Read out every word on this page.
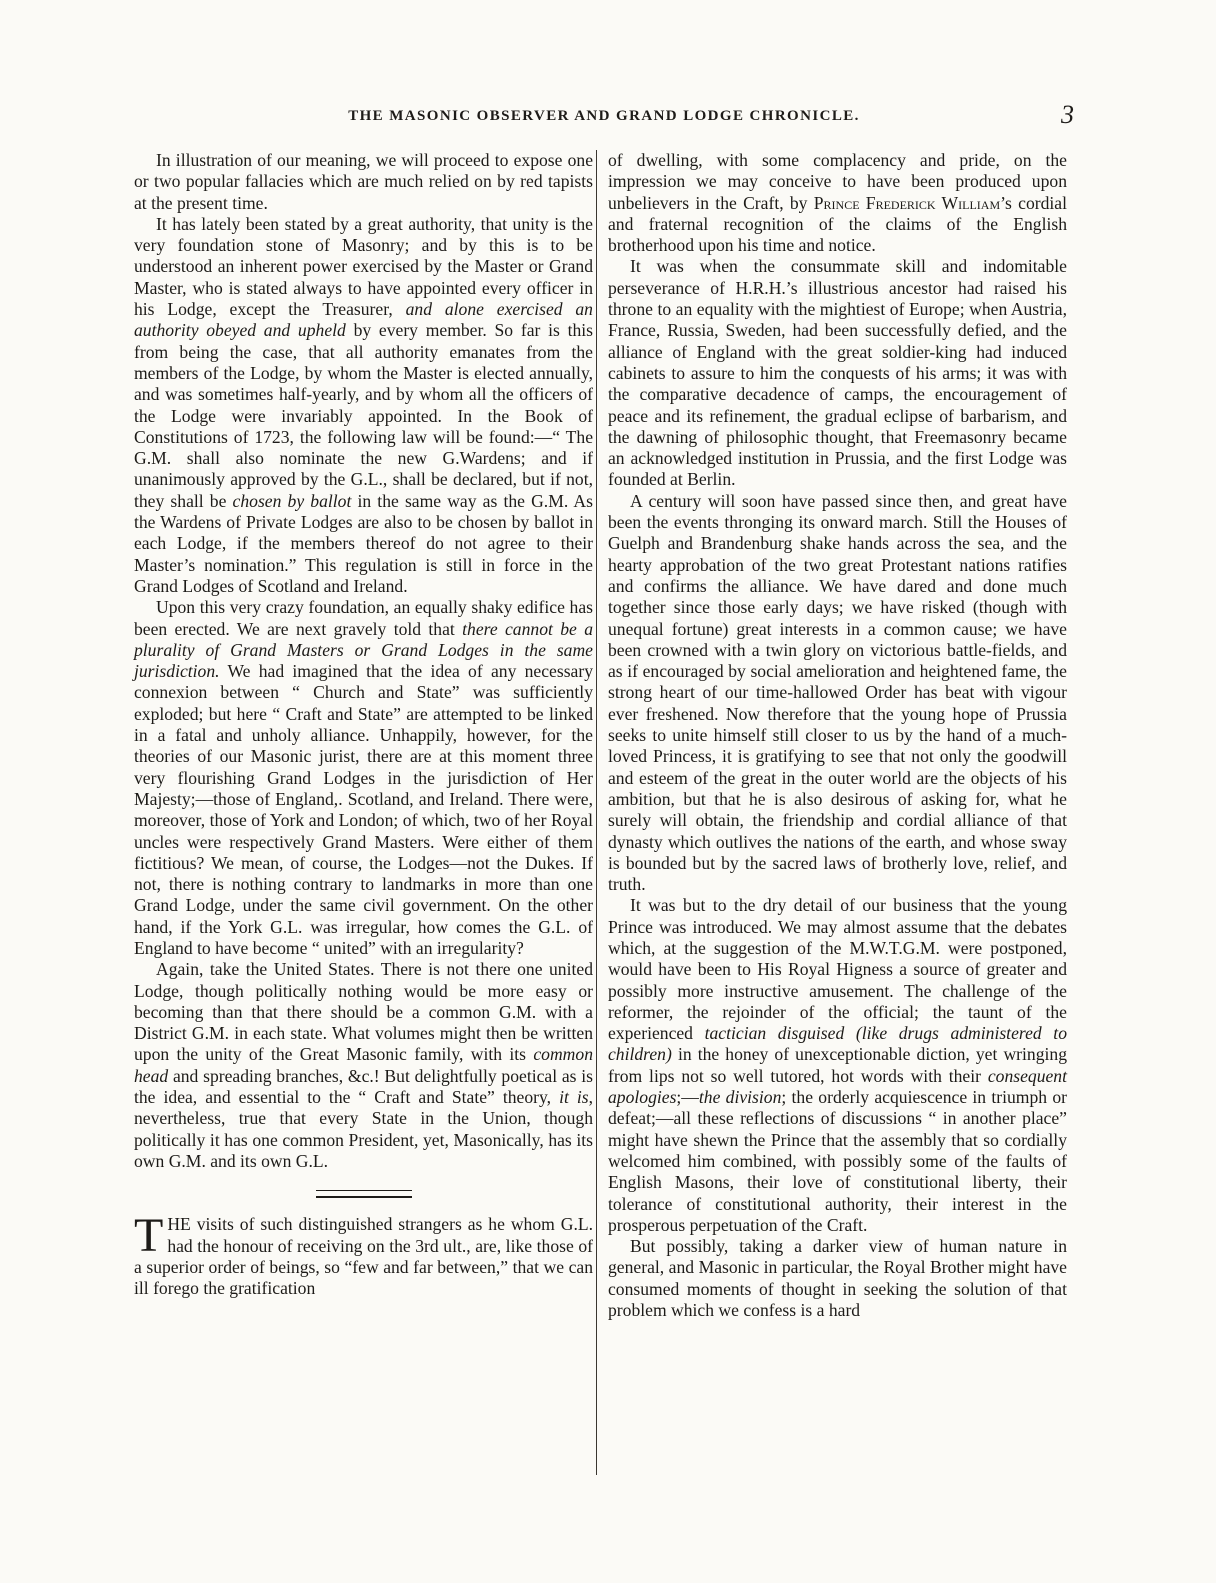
THE MASONIC OBSERVER AND GRAND LODGE CHRONICLE.	3

In illustration of our meaning, we will proceed to expose one or two popular fallacies which are much relied on by red tapists at the present time.

It has lately been stated by a great authority, that unity is the very foundation stone of Masonry; and by this is to be understood an inherent power exercised by the Master or Grand Master, who is stated always to have appointed every officer in his Lodge, except the Treasurer, and alone exercised an authority obeyed and upheld by every member. So far is this from being the case, that all authority emanates from the members of the Lodge, by whom the Master is elected annually, and was sometimes half-yearly, and by whom all the officers of the Lodge were invariably appointed. In the Book of Constitutions of 1723, the following law will be found:—“ The G.M. shall also nominate the new G.Wardens; and if unanimously approved by the G.L., shall be declared, but if not, they shall be chosen by ballot in the same way as the G.M. As the Wardens of Private Lodges are also to be chosen by ballot in each Lodge, if the members thereof do not agree to their Master’s nomination.” This regulation is still in force in the Grand Lodges of Scotland and Ireland.

Upon this very crazy foundation, an equally shaky edifice has been erected. We are next gravely told that there cannot be a plurality of Grand Masters or Grand Lodges in the same jurisdiction. We had imagined that the idea of any necessary connexion between “ Church and State” was sufficiently exploded; but here “ Craft and State” are attempted to be linked in a fatal and unholy alliance. Unhappily, however, for the theories of our Masonic jurist, there are at this moment three very flourishing Grand Lodges in the jurisdiction of Her Majesty;—those of England,. Scotland, and Ireland. There were, moreover, those of York and London; of which, two of her Royal uncles were respectively Grand Masters. Were either of them fictitious? We mean, of course, the Lodges—not the Dukes. If not, there is nothing contrary to landmarks in more than one Grand Lodge, under the same civil government. On the other hand, if the York G.L. was irregular, how comes the G.L. of England to have become “ united” with an irregularity?

Again, take the United States. There is not there one united Lodge, though politically nothing would be more easy or becoming than that there should be a common G.M. with a District G.M. in each state. What volumes might then be written upon the unity of the Great Masonic family, with its common head and spreading branches, &c.! But delightfully poetical as is the idea, and essential to the “ Craft and State” theory, it is, nevertheless, true that every State in the Union, though politically it has one common President, yet, Masonically, has its own G.M. and its own G.L.

THE visits of such distinguished strangers as he whom G.L. had the honour of receiving on the 3rd ult., are, like those of a superior order of beings, so “few and far between,” that we can ill forego the gratification

of dwelling, with some complacency and pride, on the impression we may conceive to have been produced upon unbelievers in the Craft, by Prince Frederick William’s cordial and fraternal recognition of the claims of the English brotherhood upon his time and notice.

It was when the consummate skill and indomitable perseverance of H.R.H.’s illustrious ancestor had raised his throne to an equality with the mightiest of Europe; when Austria, France, Russia, Sweden, had been successfully defied, and the alliance of England with the great soldier-king had induced cabinets to assure to him the conquests of his arms; it was with the comparative decadence of camps, the encouragement of peace and its refinement, the gradual eclipse of barbarism, and the dawning of philosophic thought, that Freemasonry became an acknowledged institution in Prussia, and the first Lodge was founded at Berlin.

A century will soon have passed since then, and great have been the events thronging its onward march. Still the Houses of Guelph and Brandenburg shake hands across the sea, and the hearty approbation of the two great Protestant nations ratifies and confirms the alliance. We have dared and done much together since those early days; we have risked (though with unequal fortune) great interests in a common cause; we have been crowned with a twin glory on victorious battle-fields, and as if encouraged by social amelioration and heightened fame, the strong heart of our time-hallowed Order has beat with vigour ever freshened. Now therefore that the young hope of Prussia seeks to unite himself still closer to us by the hand of a much-loved Princess, it is gratifying to see that not only the goodwill and esteem of the great in the outer world are the objects of his ambition, but that he is also desirous of asking for, what he surely will obtain, the friendship and cordial alliance of that dynasty which outlives the nations of the earth, and whose sway is bounded but by the sacred laws of brotherly love, relief, and truth.

It was but to the dry detail of our business that the young Prince was introduced. We may almost assume that the debates which, at the suggestion of the M.W.T.G.M. were postponed, would have been to His Royal Higness a source of greater and possibly more instructive amusement. The challenge of the reformer, the rejoinder of the official; the taunt of the experienced tactician disguised (like drugs administered to children) in the honey of unexceptionable diction, yet wringing from lips not so well tutored, hot words with their consequent apologies;—the division; the orderly acquiescence in triumph or defeat;—all these reflections of discussions “ in another place” might have shewn the Prince that the assembly that so cordially welcomed him combined, with possibly some of the faults of English Masons, their love of constitutional liberty, their tolerance of constitutional authority, their interest in the prosperous perpetuation of the Craft.

But possibly, taking a darker view of human nature in general, and Masonic in particular, the Royal Brother might have consumed moments of thought in seeking the solution of that problem which we confess is a hard
